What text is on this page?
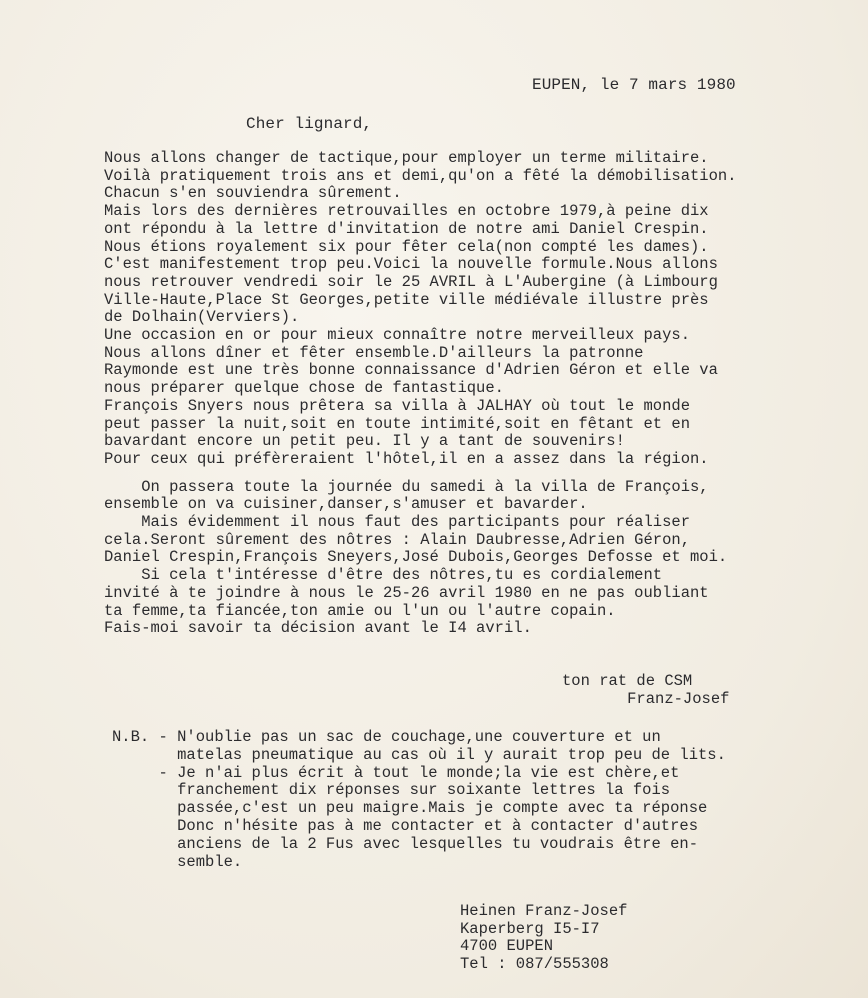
EUPEN, le 7 mars 1980
Cher lignard,
Nous allons changer de tactique,pour employer un terme militaire.
Voilà pratiquement trois ans et demi,qu'on a fêté la démobilisation.
Chacun s'en souviendra sûrement.
Mais lors des dernières retrouvailles en octobre 1979,à peine dix
ont répondu à la lettre d'invitation de notre ami Daniel Crespin.
Nous étions royalement six pour fêter cela(non compté les dames).
C'est manifestement trop peu.Voici la nouvelle formule.Nous allons
nous retrouver vendredi soir le 25 AVRIL à L'Aubergine (à Limbourg
Ville-Haute,Place St Georges,petite ville médiévale illustre près
de Dolhain(Verviers).
Une occasion en or pour mieux connaître notre merveilleux pays.
Nous allons dîner et fêter ensemble.D'ailleurs la patronne
Raymonde est une très bonne connaissance d'Adrien Géron et elle va
nous préparer quelque chose de fantastique.
François Snyers nous prêtera sa villa à JALHAY où tout le monde
peut passer la nuit,soit en toute intimité,soit en fêtant et en
bavardant encore un petit peu. Il y a tant de souvenirs!
Pour ceux qui préfèreraient l'hôtel,il en a assez dans la région.
On passera toute la journée du samedi à la villa de François,
ensemble on va cuisiner,danser,s'amuser et bavarder.
Mais évidemment il nous faut des participants pour réaliser
cela.Seront sûrement des nôtres : Alain Daubresse,Adrien Géron,
Daniel Crespin,François Sneyers,José Dubois,Georges Defosse et moi.
Si cela t'intéresse d'être des nôtres,tu es cordialement
invité à te joindre à nous le 25-26 avril 1980 en ne pas oubliant
ta femme,ta fiancée,ton amie ou l'un ou l'autre copain.
Fais-moi savoir ta décision avant le I4 avril.
ton rat de CSM
Franz-Josef
N.B. - N'oublie pas un sac de couchage,une couverture et un
matelas pneumatique au cas où il y aurait trop peu de lits.
- Je n'ai plus écrit à tout le monde;la vie est chère,et
franchement dix réponses sur soixante lettres la fois
passée,c'est un peu maigre.Mais je compte avec ta réponse
Donc n'hésite pas à me contacter et à contacter d'autres
anciens de la 2 Fus avec lesquelles tu voudrais être en-
semble.
Heinen Franz-Josef
Kaperberg I5-I7
4700 EUPEN
Tel : 087/555308
